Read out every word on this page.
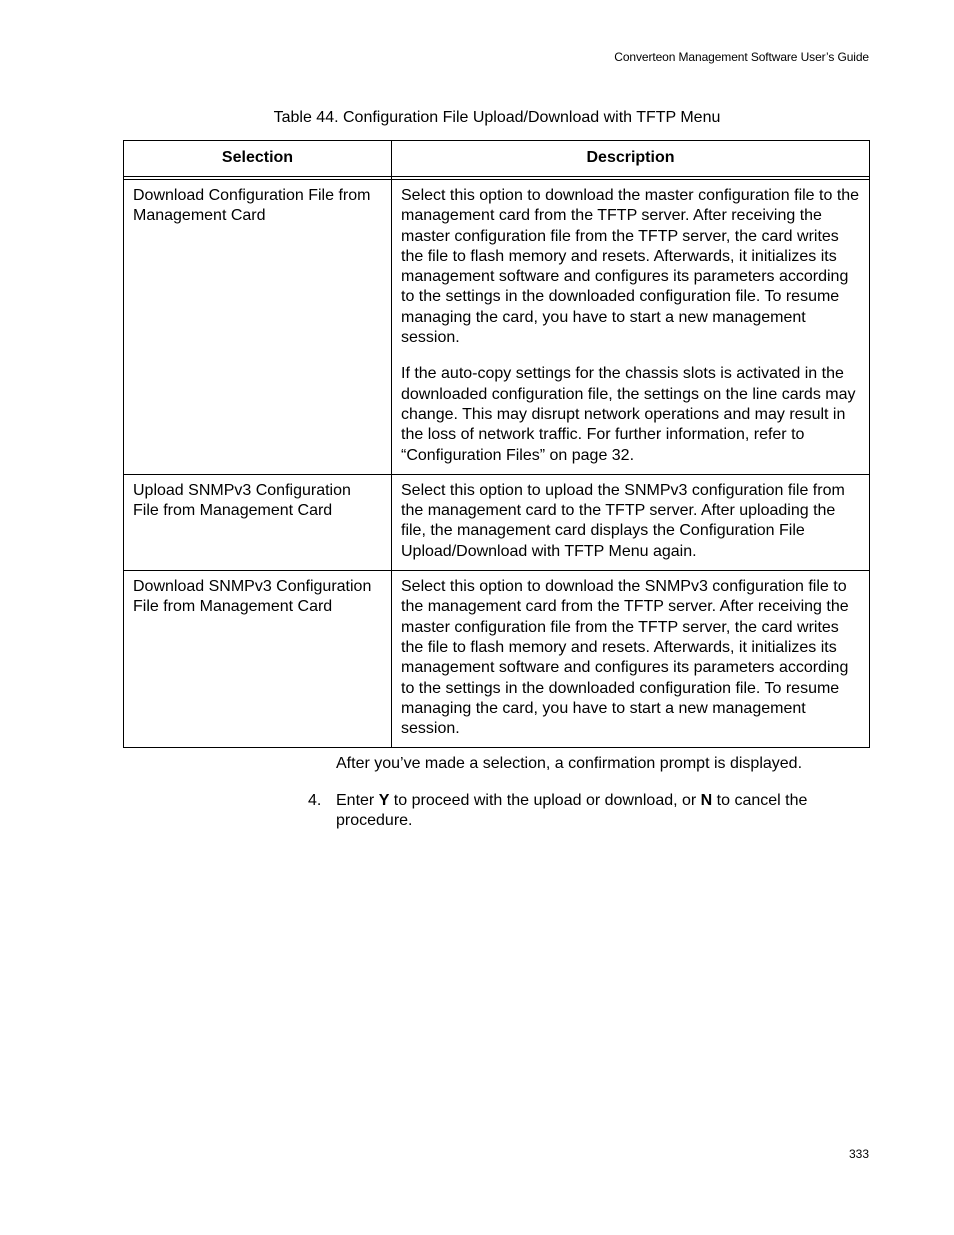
Converteon Management Software User’s Guide
Table 44. Configuration File Upload/Download with TFTP Menu
Selection	Description

Download Configuration File from Management Card	Select this option to download the master configuration file to the management card from the TFTP server. After receiving the master configuration file from the TFTP server, the card writes the file to flash memory and resets. Afterwards, it initializes its management software and configures its parameters according to the settings in the downloaded configuration file. To resume managing the card, you have to start a new management session.

If the auto-copy settings for the chassis slots is activated in the downloaded configuration file, the settings on the line cards may change. This may disrupt network operations and may result in the loss of network traffic. For further information, refer to “Configuration Files” on page 32.

Upload SNMPv3 Configuration File from Management Card	Select this option to upload the SNMPv3 configuration file from the management card to the TFTP server. After uploading the file, the management card displays the Configuration File Upload/Download with TFTP Menu again.

Download SNMPv3 Configuration File from Management Card	Select this option to download the SNMPv3 configuration file to the management card from the TFTP server. After receiving the master configuration file from the TFTP server, the card writes the file to flash memory and resets. Afterwards, it initializes its management software and configures its parameters according to the settings in the downloaded configuration file. To resume managing the card, you have to start a new management session.

After you’ve made a selection, a confirmation prompt is displayed.
4. Enter Y to proceed with the upload or download, or N to cancel the procedure.
333
